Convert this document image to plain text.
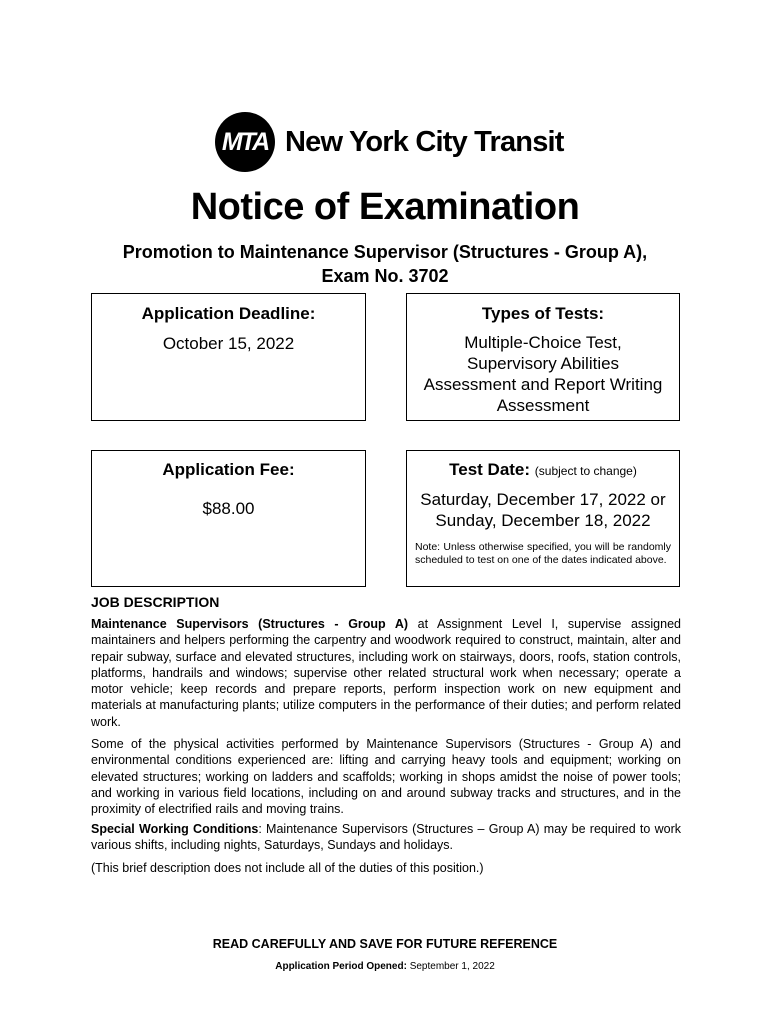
MTA New York City Transit
Notice of Examination
Promotion to Maintenance Supervisor (Structures - Group A),
Exam No. 3702
Application Deadline:
October 15, 2022
Types of Tests:
Multiple-Choice Test,
Supervisory Abilities
Assessment and Report Writing
Assessment
Application Fee:
$88.00
Test Date: (subject to change)
Saturday, December 17, 2022 or
Sunday, December 18, 2022
Note: Unless otherwise specified, you will be randomly scheduled to test on one of the dates indicated above.
JOB DESCRIPTION

Maintenance Supervisors (Structures - Group A) at Assignment Level I, supervise assigned maintainers and helpers performing the carpentry and woodwork required to construct, maintain, alter and repair subway, surface and elevated structures, including work on stairways, doors, roofs, station controls, platforms, handrails and windows; supervise other related structural work when necessary; operate a motor vehicle; keep records and prepare reports, perform inspection work on new equipment and materials at manufacturing plants; utilize computers in the performance of their duties; and perform related work.

Some of the physical activities performed by Maintenance Supervisors (Structures - Group A) and environmental conditions experienced are: lifting and carrying heavy tools and equipment; working on elevated structures; working on ladders and scaffolds; working in shops amidst the noise of power tools; and working in various field locations, including on and around subway tracks and structures, and in the proximity of electrified rails and moving trains.

Special Working Conditions: Maintenance Supervisors (Structures – Group A) may be required to work various shifts, including nights, Saturdays, Sundays and holidays.

(This brief description does not include all of the duties of this position.)

READ CAREFULLY AND SAVE FOR FUTURE REFERENCE
Application Period Opened: September 1, 2022
